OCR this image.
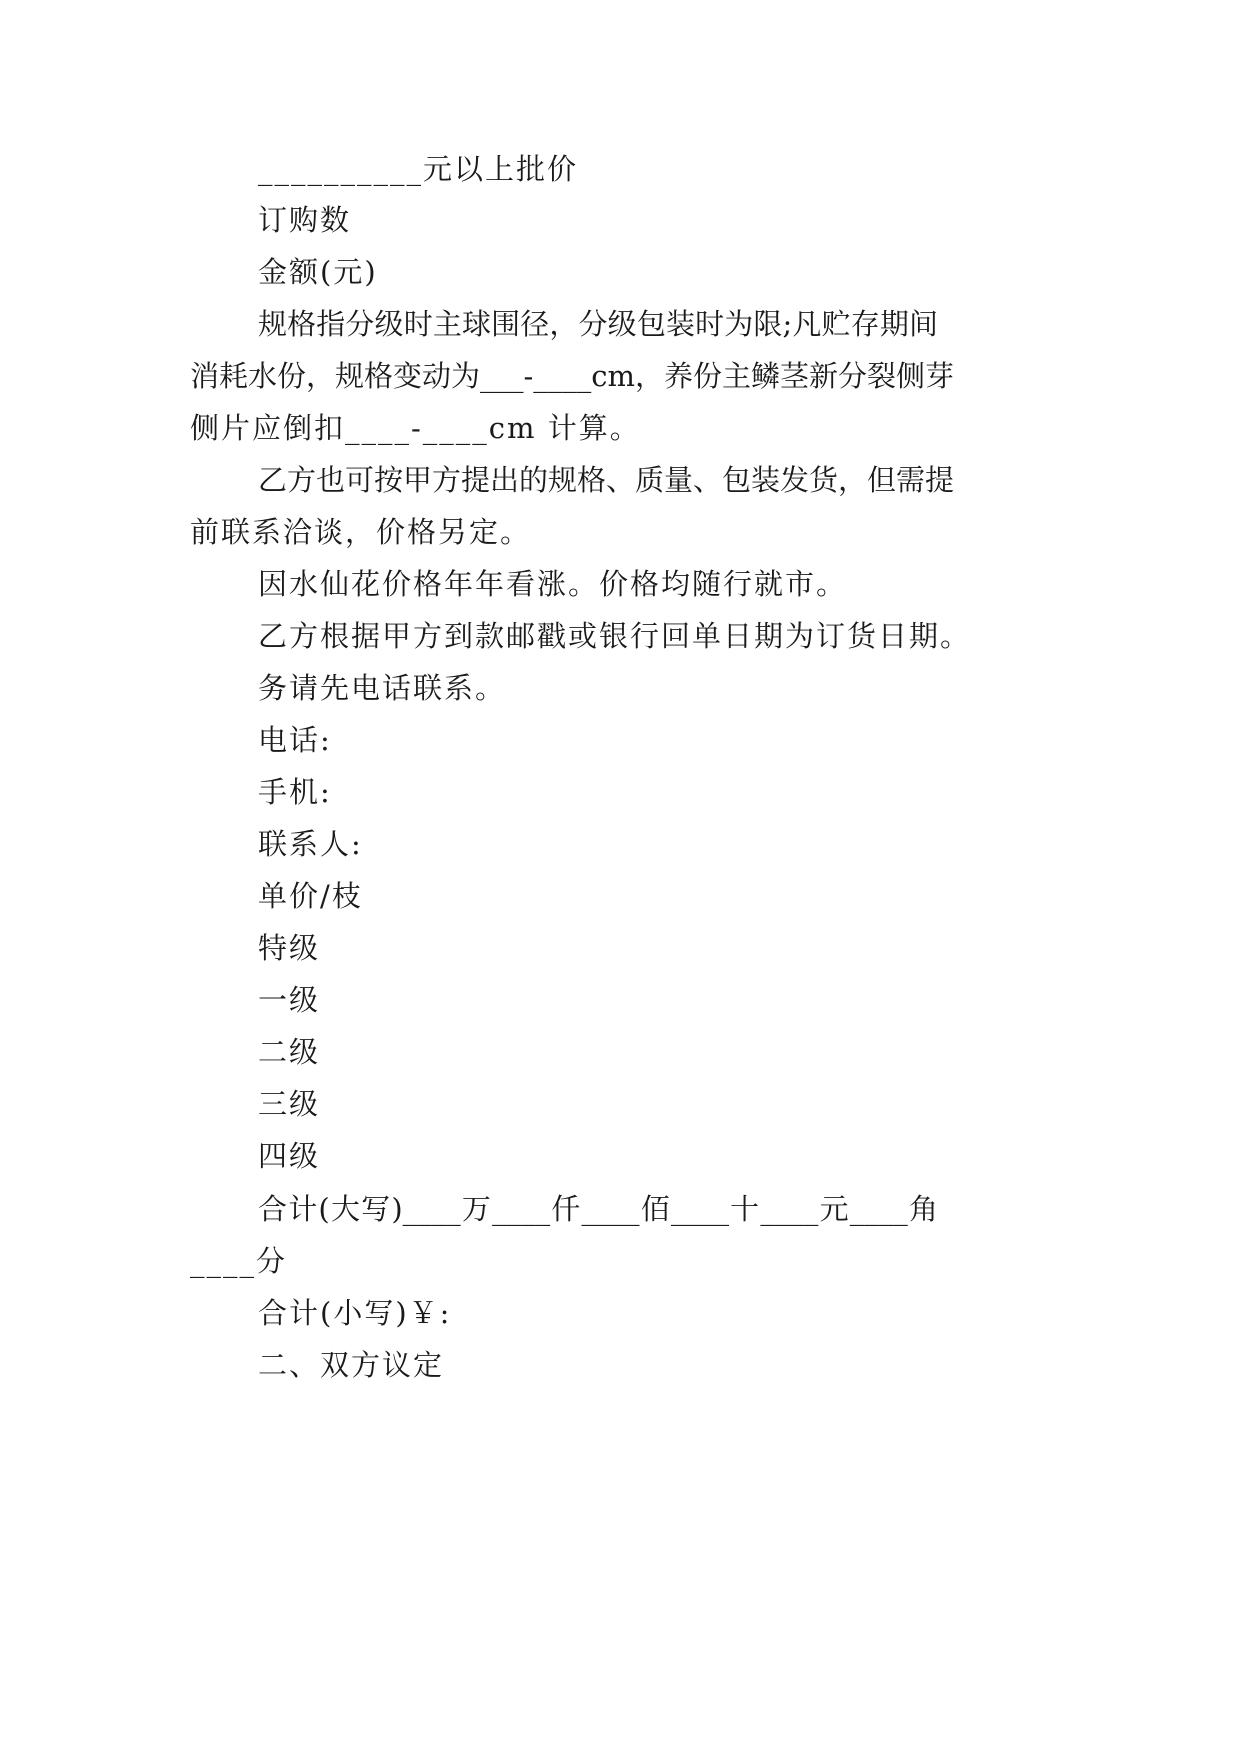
__________元以上批价
订购数
金额(元)
规格指分级时主球围径，分级包装时为限;凡贮存期间
消耗水份，规格变动为___-____cm，养份主鳞茎新分裂侧芽
侧片应倒扣____-____cm 计算。
乙方也可按甲方提出的规格、质量、包装发货，但需提
前联系洽谈，价格另定。
因水仙花价格年年看涨。价格均随行就市。
乙方根据甲方到款邮戳或银行回单日期为订货日期。
务请先电话联系。
电话:
手机:
联系人:
单价/枝
特级
一级
二级
三级
四级
合计(大写)____万____仟____佰____十____元____角
____分
合计(小写)￥:
二、双方议定
